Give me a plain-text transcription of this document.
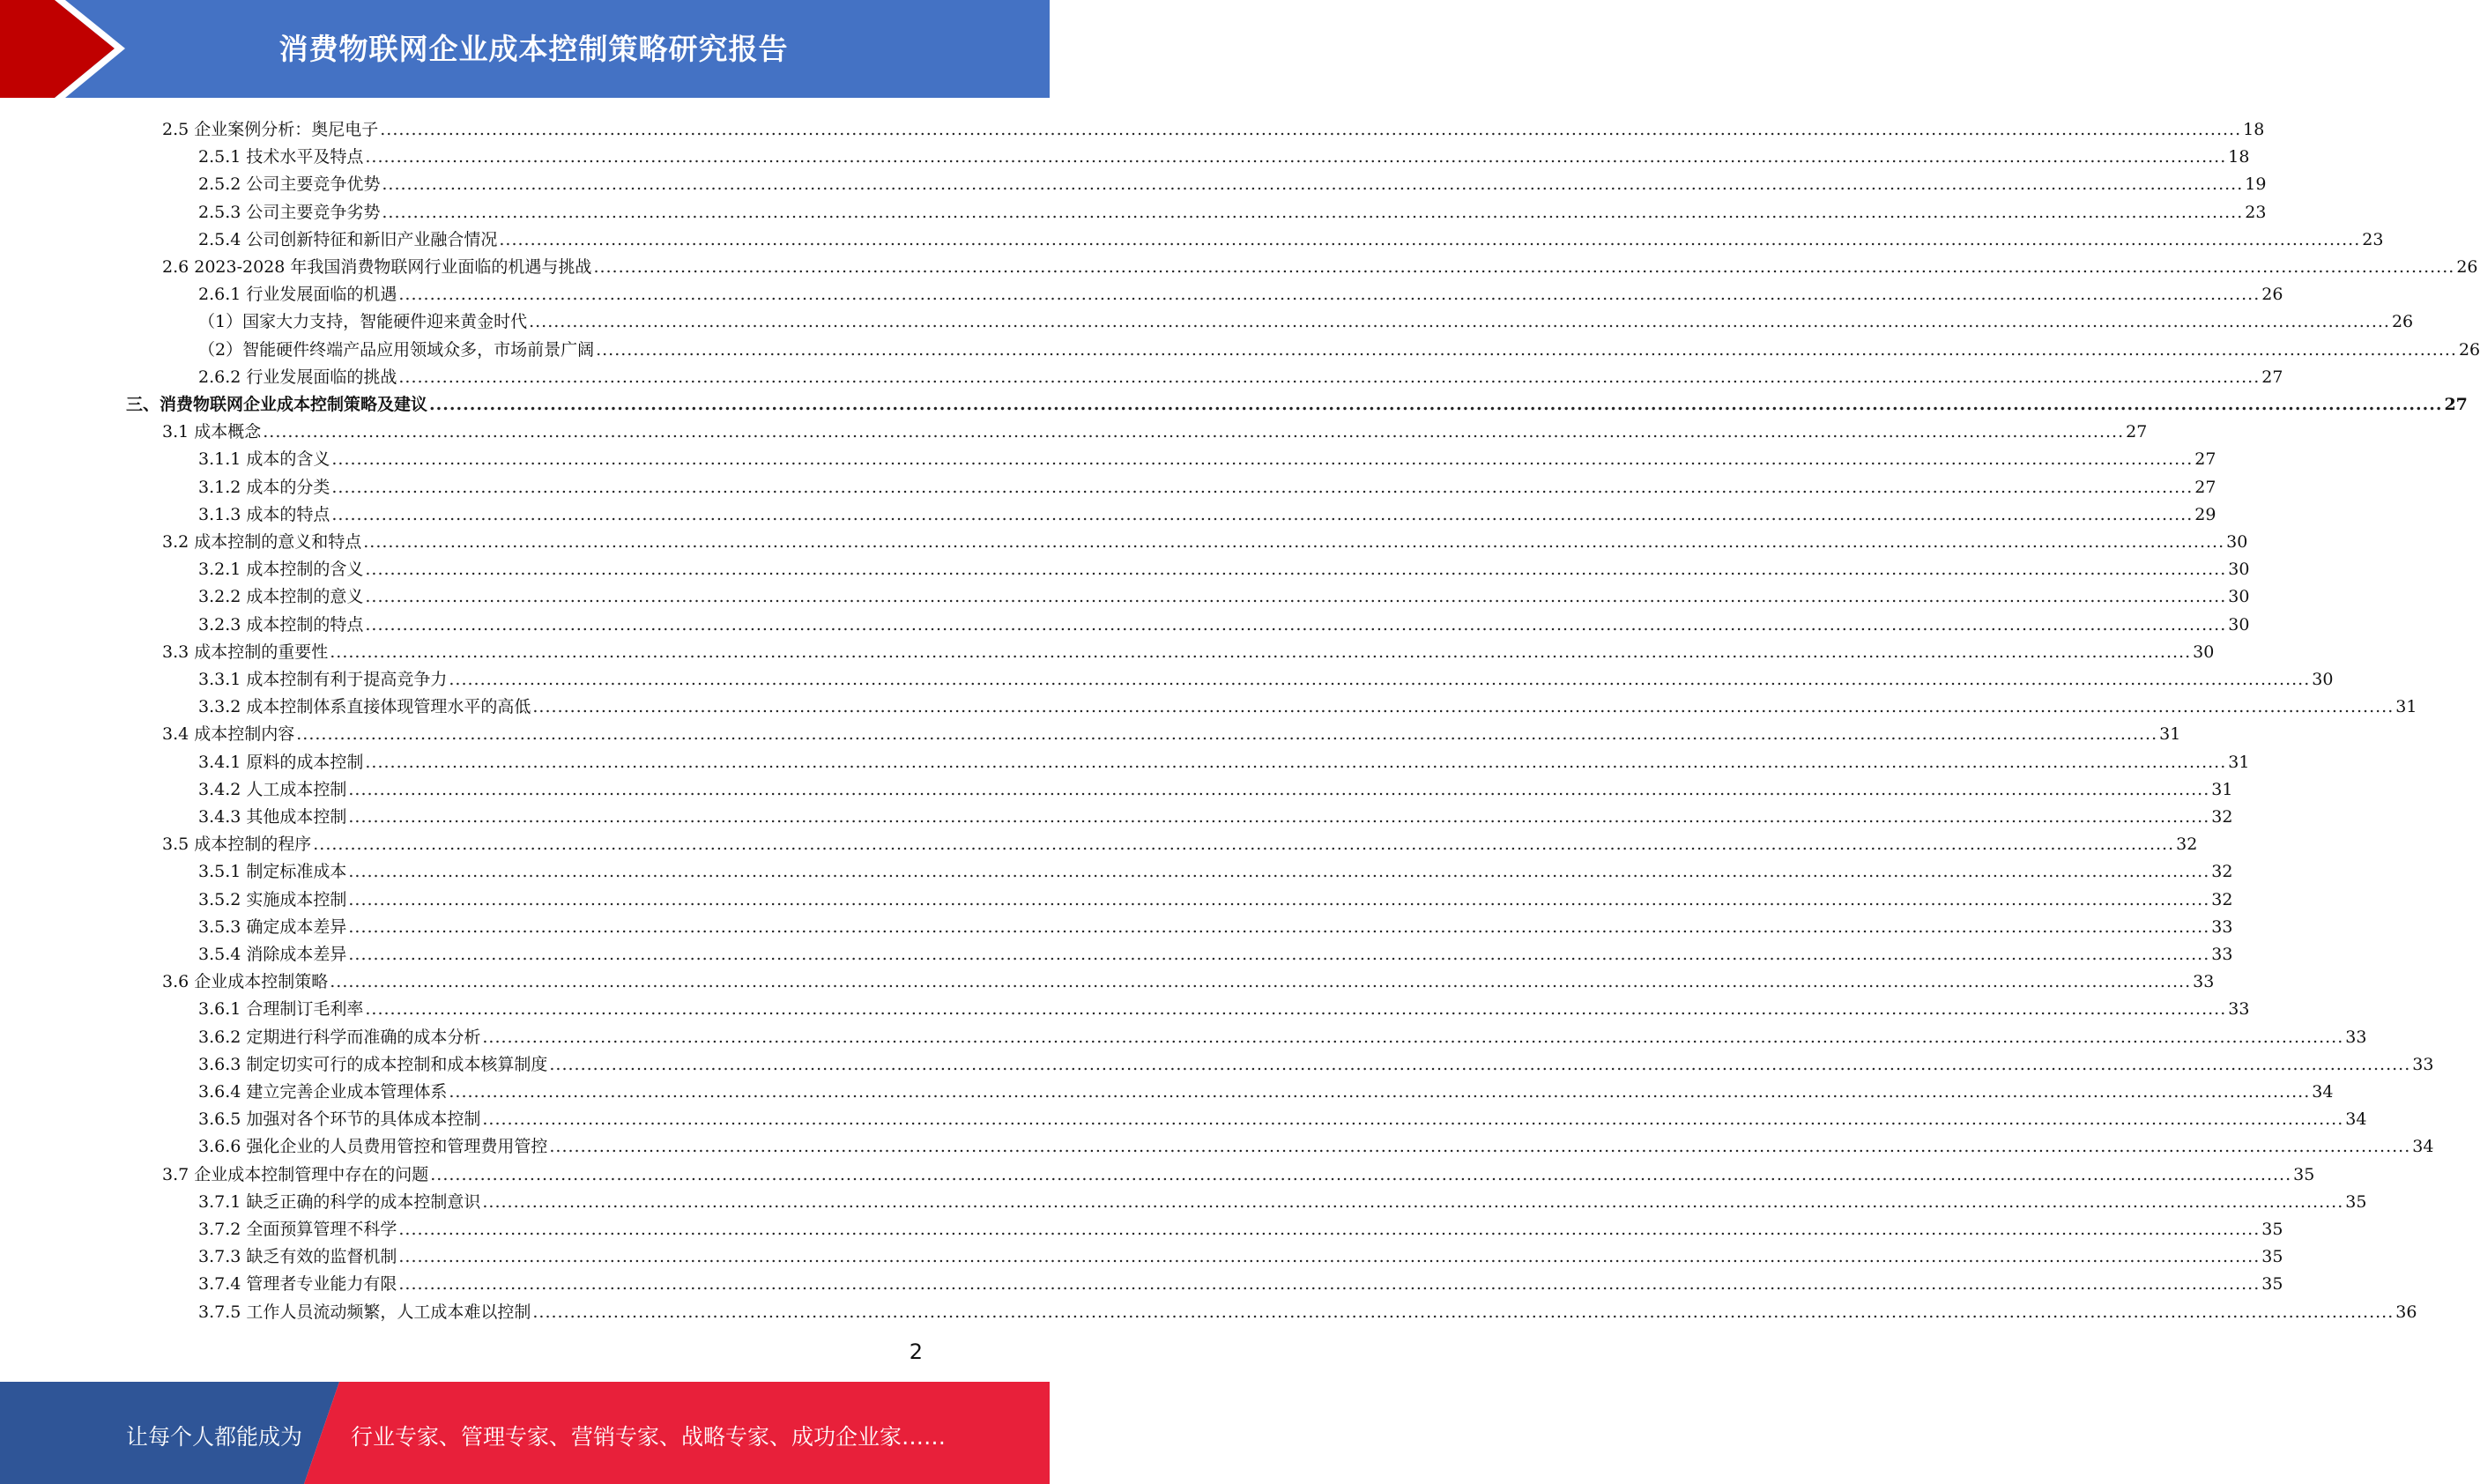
消费物联网企业成本控制策略研究报告
2.5 企业案例分析：奥尼电子 ............................................................................................................................................................................................................................................................................................................ 18
2.5.1 技术水平及特点 ............................................................................................................................................................................................................................................................................................................ 18
2.5.2 公司主要竞争优势 ............................................................................................................................................................................................................................................................................................................ 19
2.5.3 公司主要竞争劣势 ............................................................................................................................................................................................................................................................................................................ 23
2.5.4 公司创新特征和新旧产业融合情况 ............................................................................................................................................................................................................................................................................................................ 23
2.6 2023-2028 年我国消费物联网行业面临的机遇与挑战 ............................................................................................................................................................................................................................................................................................................ 26
2.6.1 行业发展面临的机遇 ............................................................................................................................................................................................................................................................................................................ 26
（1）国家大力支持，智能硬件迎来黄金时代 ............................................................................................................................................................................................................................................................................................................ 26
（2）智能硬件终端产品应用领域众多，市场前景广阔 ............................................................................................................................................................................................................................................................................................................ 26
2.6.2 行业发展面临的挑战 ............................................................................................................................................................................................................................................................................................................ 27
三、消费物联网企业成本控制策略及建议 ............................................................................................................................................................................................................................................................................................................ 27
3.1 成本概念 ............................................................................................................................................................................................................................................................................................................ 27
3.1.1 成本的含义 ............................................................................................................................................................................................................................................................................................................ 27
3.1.2 成本的分类 ............................................................................................................................................................................................................................................................................................................ 27
3.1.3 成本的特点 ............................................................................................................................................................................................................................................................................................................ 29
3.2 成本控制的意义和特点 ............................................................................................................................................................................................................................................................................................................ 30
3.2.1 成本控制的含义 ............................................................................................................................................................................................................................................................................................................ 30
3.2.2 成本控制的意义 ............................................................................................................................................................................................................................................................................................................ 30
3.2.3 成本控制的特点 ............................................................................................................................................................................................................................................................................................................ 30
3.3 成本控制的重要性 ............................................................................................................................................................................................................................................................................................................ 30
3.3.1 成本控制有利于提高竞争力 ............................................................................................................................................................................................................................................................................................................ 30
3.3.2 成本控制体系直接体现管理水平的高低 ............................................................................................................................................................................................................................................................................................................ 31
3.4 成本控制内容 ............................................................................................................................................................................................................................................................................................................ 31
3.4.1 原料的成本控制 ............................................................................................................................................................................................................................................................................................................ 31
3.4.2 人工成本控制 ............................................................................................................................................................................................................................................................................................................ 31
3.4.3 其他成本控制 ............................................................................................................................................................................................................................................................................................................ 32
3.5 成本控制的程序 ............................................................................................................................................................................................................................................................................................................ 32
3.5.1 制定标准成本 ............................................................................................................................................................................................................................................................................................................ 32
3.5.2 实施成本控制 ............................................................................................................................................................................................................................................................................................................ 32
3.5.3 确定成本差异 ............................................................................................................................................................................................................................................................................................................ 33
3.5.4 消除成本差异 ............................................................................................................................................................................................................................................................................................................ 33
3.6 企业成本控制策略 ............................................................................................................................................................................................................................................................................................................ 33
3.6.1 合理制订毛利率 ............................................................................................................................................................................................................................................................................................................ 33
3.6.2 定期进行科学而准确的成本分析 ............................................................................................................................................................................................................................................................................................................ 33
3.6.3 制定切实可行的成本控制和成本核算制度 ............................................................................................................................................................................................................................................................................................................ 33
3.6.4 建立完善企业成本管理体系 ............................................................................................................................................................................................................................................................................................................ 34
3.6.5 加强对各个环节的具体成本控制 ............................................................................................................................................................................................................................................................................................................ 34
3.6.6 强化企业的人员费用管控和管理费用管控 ............................................................................................................................................................................................................................................................................................................ 34
3.7 企业成本控制管理中存在的问题 ............................................................................................................................................................................................................................................................................................................ 35
3.7.1 缺乏正确的科学的成本控制意识 ............................................................................................................................................................................................................................................................................................................ 35
3.7.2 全面预算管理不科学 ............................................................................................................................................................................................................................................................................................................ 35
3.7.3 缺乏有效的监督机制 ............................................................................................................................................................................................................................................................................................................ 35
3.7.4 管理者专业能力有限 ............................................................................................................................................................................................................................................................................................................ 35
3.7.5 工作人员流动频繁，人工成本难以控制 ............................................................................................................................................................................................................................................................................................................ 36
2
让每个人都能成为 行业专家、管理专家、营销专家、战略专家、成功企业家……
